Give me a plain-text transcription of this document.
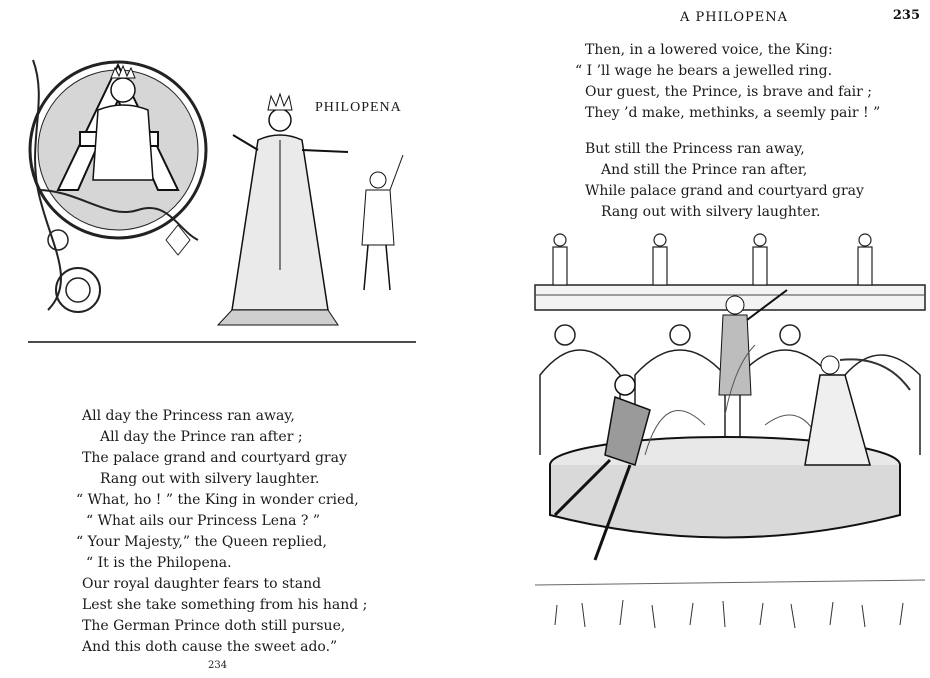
PHILOPENA
All day the Princess ran away,
All day the Prince ran after ;
The palace grand and courtyard gray
Rang out with silvery laughter.
“ What, ho ! ” the King in wonder cried,
“ What ails our Princess Lena ? ”
“ Your Majesty,” the Queen replied,
“ It is the Philopena.
Our royal daughter fears to stand
Lest she take something from his hand ;
The German Prince doth still pursue,
And this doth cause the sweet ado.”
234
A PHILOPENA	235
Then, in a lowered voice, the King:
“ I ’ll wage he bears a jewelled ring.
Our guest, the Prince, is brave and fair ;
They ’d make, methinks, a seemly pair ! ”
But still the Princess ran away,
And still the Prince ran after,
While palace grand and courtyard gray
Rang out with silvery laughter.
